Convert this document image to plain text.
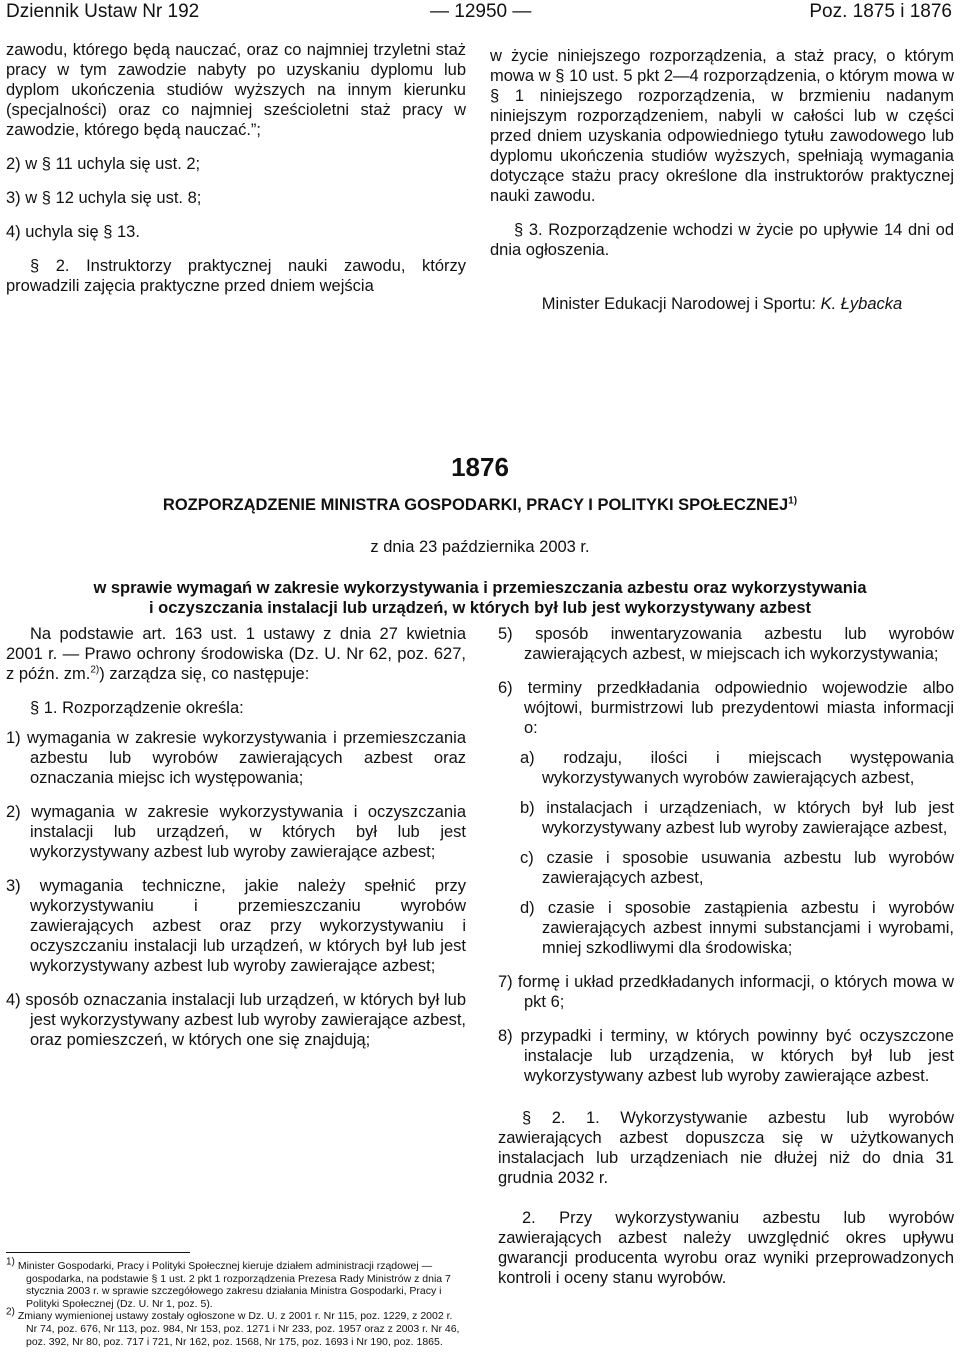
Dziennik Ustaw Nr 192	— 12950 —	Poz. 1875 i 1876

zawodu, którego będą nauczać, oraz co najmniej trzyletni staż pracy w tym zawodzie nabyty po uzyskaniu dyplomu lub dyplom ukończenia studiów wyższych na innym kierunku (specjalności) oraz co najmniej sześcioletni staż pracy w zawodzie, którego będą nauczać.”;

2) w § 11 uchyla się ust. 2;

3) w § 12 uchyla się ust. 8;

4) uchyla się § 13.

§ 2. Instruktorzy praktycznej nauki zawodu, którzy prowadzili zajęcia praktyczne przed dniem wejścia

w życie niniejszego rozporządzenia, a staż pracy, o którym mowa w § 10 ust. 5 pkt 2—4 rozporządzenia, o którym mowa w § 1 niniejszego rozporządzenia, w brzmieniu nadanym niniejszym rozporządzeniem, nabyli w całości lub w części przed dniem uzyskania odpowiedniego tytułu zawodowego lub dyplomu ukończenia studiów wyższych, spełniają wymagania dotyczące stażu pracy określone dla instruktorów praktycznej nauki zawodu.

§ 3. Rozporządzenie wchodzi w życie po upływie 14 dni od dnia ogłoszenia.

Minister Edukacji Narodowej i Sportu: K. Łybacka

1876
ROZPORZĄDZENIE MINISTRA GOSPODARKI, PRACY I POLITYKI SPOŁECZNEJ$^{1)}$
z dnia 23 października 2003 r.
w sprawie wymagań w zakresie wykorzystywania i przemieszczania azbestu oraz wykorzystywania
i oczyszczania instalacji lub urządzeń, w których był lub jest wykorzystywany azbest

Na podstawie art. 163 ust. 1 ustawy z dnia 27 kwietnia 2001 r. — Prawo ochrony środowiska (Dz. U. Nr 62, poz. 627, z późn. zm.$^{2)}$) zarządza się, co następuje:

§ 1. Rozporządzenie określa:

1) wymagania w zakresie wykorzystywania i przemieszczania azbestu lub wyrobów zawierających azbest oraz oznaczania miejsc ich występowania;

2) wymagania w zakresie wykorzystywania i oczyszczania instalacji lub urządzeń, w których był lub jest wykorzystywany azbest lub wyroby zawierające azbest;

3) wymagania techniczne, jakie należy spełnić przy wykorzystywaniu i przemieszczaniu wyrobów zawierających azbest oraz przy wykorzystywaniu i oczyszczaniu instalacji lub urządzeń, w których był lub jest wykorzystywany azbest lub wyroby zawierające azbest;

4) sposób oznaczania instalacji lub urządzeń, w których był lub jest wykorzystywany azbest lub wyroby zawierające azbest, oraz pomieszczeń, w których one się znajdują;

5) sposób inwentaryzowania azbestu lub wyrobów zawierających azbest, w miejscach ich wykorzystywania;

6) terminy przedkładania odpowiednio wojewodzie albo wójtowi, burmistrzowi lub prezydentowi miasta informacji o:

a) rodzaju, ilości i miejscach występowania wykorzystywanych wyrobów zawierających azbest,

b) instalacjach i urządzeniach, w których był lub jest wykorzystywany azbest lub wyroby zawierające azbest,

c) czasie i sposobie usuwania azbestu lub wyrobów zawierających azbest,

d) czasie i sposobie zastąpienia azbestu i wyrobów zawierających azbest innymi substancjami i wyrobami, mniej szkodliwymi dla środowiska;

7) formę i układ przedkładanych informacji, o których mowa w pkt 6;

8) przypadki i terminy, w których powinny być oczyszczone instalacje lub urządzenia, w których był lub jest wykorzystywany azbest lub wyroby zawierające azbest.

§ 2. 1. Wykorzystywanie azbestu lub wyrobów zawierających azbest dopuszcza się w użytkowanych instalacjach lub urządzeniach nie dłużej niż do dnia 31 grudnia 2032 r.

2. Przy wykorzystywaniu azbestu lub wyrobów zawierających azbest należy uwzględnić okres upływu gwarancji producenta wyrobu oraz wyniki przeprowadzonych kontroli i oceny stanu wyrobów.

$^{1)}$ Minister Gospodarki, Pracy i Polityki Społecznej kieruje działem administracji rządowej — gospodarka, na podstawie § 1 ust. 2 pkt 1 rozporządzenia Prezesa Rady Ministrów z dnia 7 stycznia 2003 r. w sprawie szczegółowego zakresu działania Ministra Gospodarki, Pracy i Polityki Społecznej (Dz. U. Nr 1, poz. 5).

$^{2)}$ Zmiany wymienionej ustawy zostały ogłoszone w Dz. U. z 2001 r. Nr 115, poz. 1229, z 2002 r. Nr 74, poz. 676, Nr 113, poz. 984, Nr 153, poz. 1271 i Nr 233, poz. 1957 oraz z 2003 r. Nr 46, poz. 392, Nr 80, poz. 717 i 721, Nr 162, poz. 1568, Nr 175, poz. 1693 i Nr 190, poz. 1865.
